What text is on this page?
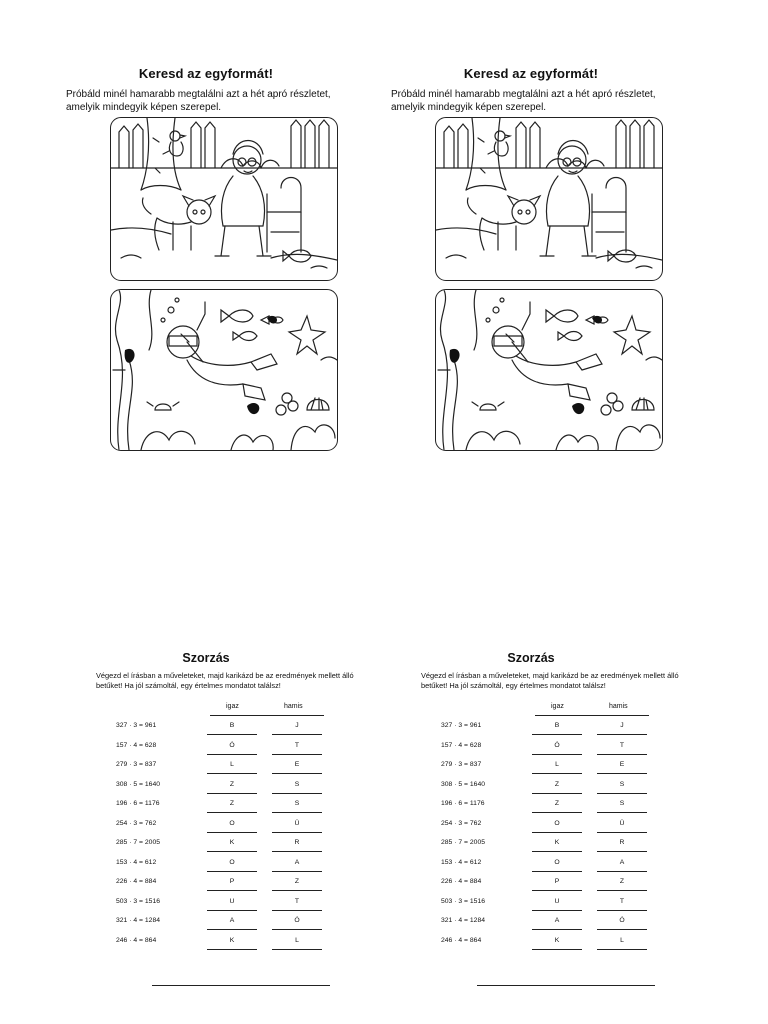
Keresd az egyformát!
Próbáld minél hamarabb megtalálni azt a hét apró részletet, amelyik mindegyik képen szerepel.
Szorzás
Végezd el írásban a műveleteket, majd karikázd be az eredmények mellett álló betűket! Ha jól számoltál, egy értelmes mondatot találsz!
igaz	hamis
327 · 3 = 961	B	J
157 · 4 = 628	Ó	T
279 · 3 = 837	L	E
308 · 5 = 1640	Z	S
196 · 6 = 1176	Z	S
254 · 3 = 762	O	Ü
285 · 7 = 2005	K	R
153 · 4 = 612	O	A
226 · 4 = 884	P	Z
503 · 3 = 1516	U	T
321 · 4 = 1284	A	Ó
246 · 4 = 864	K	L
Keresd az egyformát!
Próbáld minél hamarabb megtalálni azt a hét apró részletet, amelyik mindegyik képen szerepel.
Szorzás
Végezd el írásban a műveleteket, majd karikázd be az eredmények mellett álló betűket! Ha jól számoltál, egy értelmes mondatot találsz!
igaz	hamis
327 · 3 = 961	B	J
157 · 4 = 628	Ó	T
279 · 3 = 837	L	E
308 · 5 = 1640	Z	S
196 · 6 = 1176	Z	S
254 · 3 = 762	O	Ü
285 · 7 = 2005	K	R
153 · 4 = 612	O	A
226 · 4 = 884	P	Z
503 · 3 = 1516	U	T
321 · 4 = 1284	A	Ó
246 · 4 = 864	K	L
